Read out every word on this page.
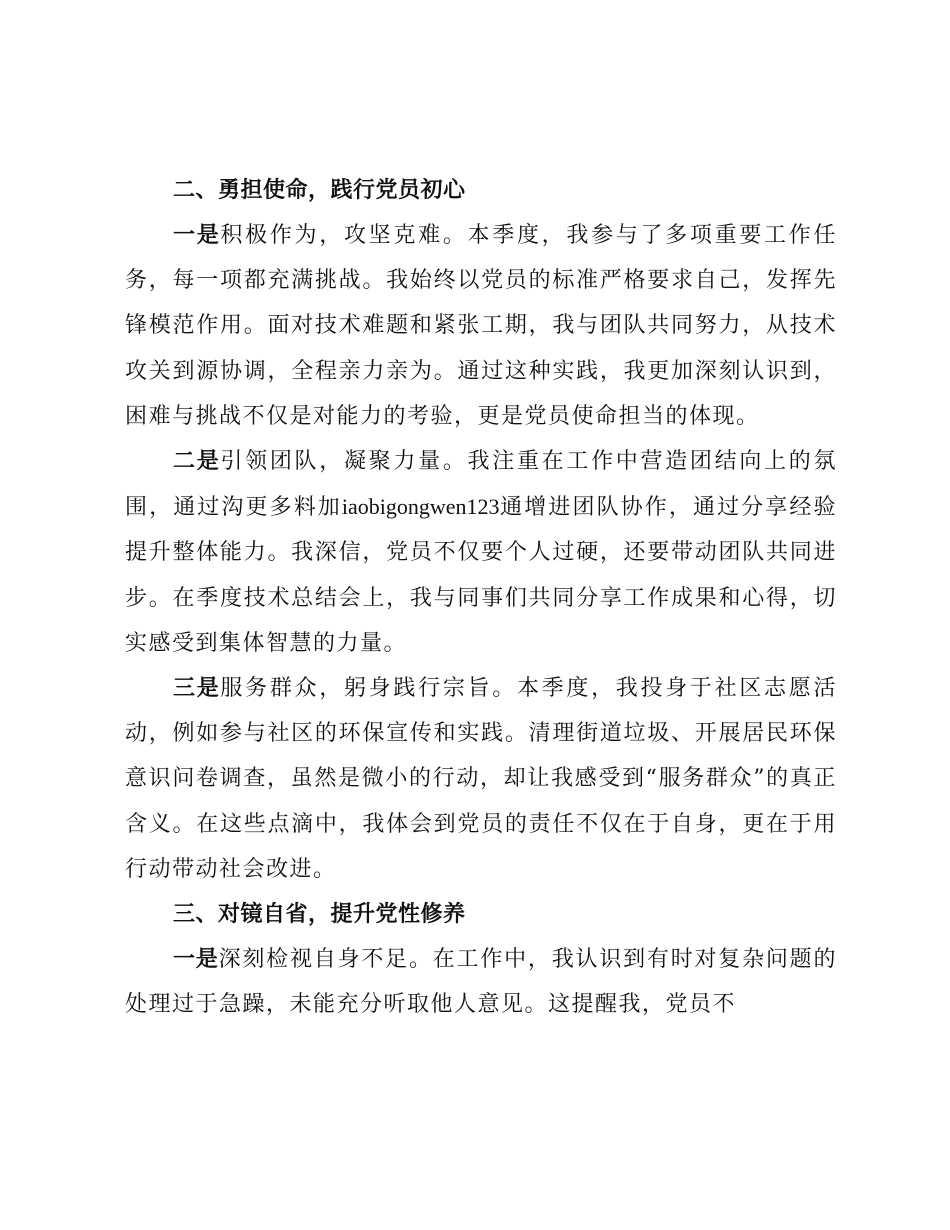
二、勇担使命，践行党员初心

一是积极作为，攻坚克难。本季度，我参与了多项重要工作任务，每一项都充满挑战。我始终以党员的标准严格要求自己，发挥先锋模范作用。面对技术难题和紧张工期，我与团队共同努力，从技术攻关到源协调，全程亲力亲为。通过这种实践，我更加深刻认识到，困难与挑战不仅是对能力的考验，更是党员使命担当的体现。

二是引领团队，凝聚力量。我注重在工作中营造团结向上的氛围，通过沟更多料加iaobigongwen123通增进团队协作，通过分享经验提升整体能力。我深信，党员不仅要个人过硬，还要带动团队共同进步。在季度技术总结会上，我与同事们共同分享工作成果和心得，切实感受到集体智慧的力量。

三是服务群众，躬身践行宗旨。本季度，我投身于社区志愿活动，例如参与社区的环保宣传和实践。清理街道垃圾、开展居民环保意识问卷调查，虽然是微小的行动，却让我感受到“服务群众”的真正含义。在这些点滴中，我体会到党员的责任不仅在于自身，更在于用行动带动社会改进。

三、对镜自省，提升党性修养

一是深刻检视自身不足。在工作中，我认识到有时对复杂问题的处理过于急躁，未能充分听取他人意见。这提醒我，党员不
